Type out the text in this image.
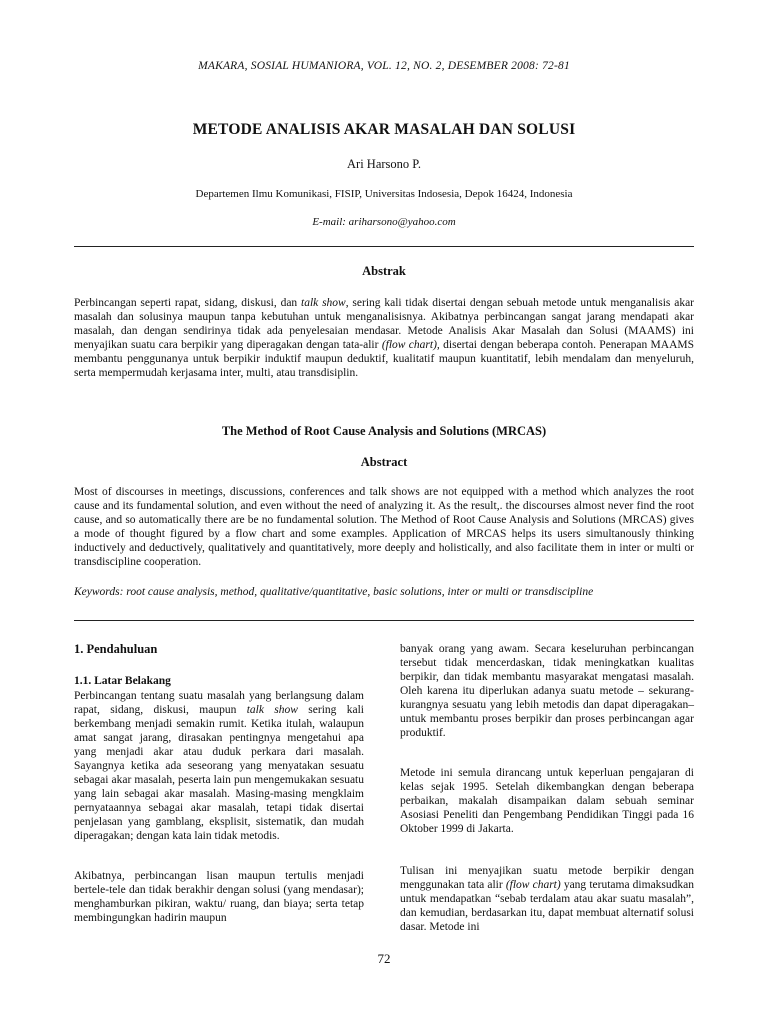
MAKARA, SOSIAL HUMANIORA, VOL. 12, NO. 2, DESEMBER 2008: 72-81
METODE ANALISIS AKAR MASALAH DAN SOLUSI
Ari Harsono P.
Departemen Ilmu Komunikasi, FISIP, Universitas Indosesia, Depok 16424, Indonesia
E-mail: ariharsono@yahoo.com
Abstrak
Perbincangan seperti rapat, sidang, diskusi, dan talk show, sering kali tidak disertai dengan sebuah metode untuk menganalisis akar masalah dan solusinya maupun tanpa kebutuhan untuk menganalisisnya. Akibatnya perbincangan sangat jarang mendapati akar masalah, dan dengan sendirinya tidak ada penyelesaian mendasar. Metode Analisis Akar Masalah dan Solusi (MAAMS) ini menyajikan suatu cara berpikir yang diperagakan dengan tata-alir (flow chart), disertai dengan beberapa contoh. Penerapan MAAMS membantu penggunanya untuk berpikir induktif maupun deduktif, kualitatif maupun kuantitatif, lebih mendalam dan menyeluruh, serta mempermudah kerjasama inter, multi, atau transdisiplin.
The Method of Root Cause Analysis and Solutions (MRCAS)
Abstract
Most of discourses in meetings, discussions, conferences and talk shows are not equipped with a method which analyzes the root cause and its fundamental solution, and even without the need of analyzing it. As the result,. the discourses almost never find the root cause, and so automatically there are be no fundamental solution. The Method of Root Cause Analysis and Solutions (MRCAS) gives a mode of thought figured by a flow chart and some examples. Application of MRCAS helps its users simultanously thinking inductively and deductively, qualitatively and quantitatively, more deeply and holistically, and also facilitate them in inter or multi or transdiscipline cooperation.
Keywords: root cause analysis, method, qualitative/quantitative, basic solutions, inter or multi or transdiscipline
1. Pendahuluan
1.1. Latar Belakang
Perbincangan tentang suatu masalah yang berlangsung dalam rapat, sidang, diskusi, maupun talk show sering kali berkembang menjadi semakin rumit. Ketika itulah, walaupun amat sangat jarang, dirasakan pentingnya mengetahui apa yang menjadi akar atau duduk perkara dari masalah. Sayangnya ketika ada seseorang yang menyatakan sesuatu sebagai akar masalah, peserta lain pun mengemukakan sesuatu yang lain sebagai akar masalah. Masing-masing mengklaim pernyataannya sebagai akar masalah, tetapi tidak disertai penjelasan yang gamblang, eksplisit, sistematik, dan mudah diperagakan; dengan kata lain tidak metodis.
Akibatnya, perbincangan lisan maupun tertulis menjadi bertele-tele dan tidak berakhir dengan solusi (yang mendasar); menghamburkan pikiran, waktu/ ruang, dan biaya; serta tetap membingungkan hadirin maupun
banyak orang yang awam. Secara keseluruhan perbincangan tersebut tidak mencerdaskan, tidak meningkatkan kualitas berpikir, dan tidak membantu masyarakat mengatasi masalah. Oleh karena itu diperlukan adanya suatu metode – sekurang-kurangnya sesuatu yang lebih metodis dan dapat diperagakan– untuk membantu proses berpikir dan proses perbincangan agar produktif.
Metode ini semula dirancang untuk keperluan pengajaran di kelas sejak 1995. Setelah dikembangkan dengan beberapa perbaikan, makalah disampaikan dalam sebuah seminar Asosiasi Peneliti dan Pengembang Pendidikan Tinggi pada 16 Oktober 1999 di Jakarta.
Tulisan ini menyajikan suatu metode berpikir dengan menggunakan tata alir (flow chart) yang terutama dimaksudkan untuk mendapatkan “sebab terdalam atau akar suatu masalah”, dan kemudian, berdasarkan itu, dapat membuat alternatif solusi dasar. Metode ini
72
